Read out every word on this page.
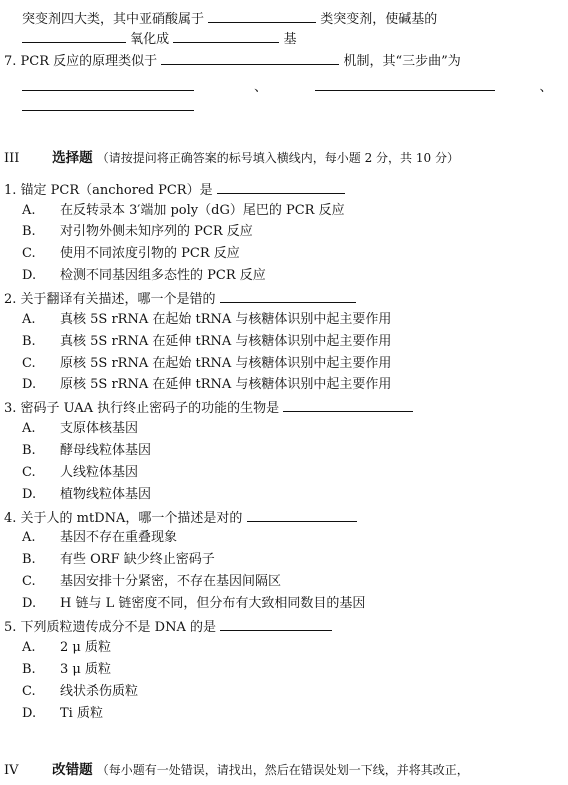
突变剂四大类，其中亚硝酸属于	类突变剂，使碱基的
氧化成	基
7. PCR 反应的原理类似于	机制，其“三步曲”为
、	、
III 选择题 （请按提问将正确答案的标号填入横线内，每小题 2 分，共 10 分）
1. 锚定 PCR（anchored PCR）是
A. 在反转录本 3′端加 poly（dG）尾巴的 PCR 反应
B. 对引物外侧未知序列的 PCR 反应
C. 使用不同浓度引物的 PCR 反应
D. 检测不同基因组多态性的 PCR 反应
2. 关于翻译有关描述，哪一个是错的
A. 真核 5S rRNA 在起始 tRNA 与核糖体识别中起主要作用
B. 真核 5S rRNA 在延伸 tRNA 与核糖体识别中起主要作用
C. 原核 5S rRNA 在起始 tRNA 与核糖体识别中起主要作用
D. 原核 5S rRNA 在延伸 tRNA 与核糖体识别中起主要作用
3. 密码子 UAA 执行终止密码子的功能的生物是
A. 支原体核基因
B. 酵母线粒体基因
C. 人线粒体基因
D. 植物线粒体基因
4. 关于人的 mtDNA，哪一个描述是对的
A. 基因不存在重叠现象
B. 有些 ORF 缺少终止密码子
C. 基因安排十分紧密，不存在基因间隔区
D. H 链与 L 链密度不同，但分布有大致相同数目的基因
5. 下列质粒遗传成分不是 DNA 的是
A. 2 μ 质粒
B. 3 μ 质粒
C. 线状杀伤质粒
D. Ti 质粒
IV 改错题 （每小题有一处错误，请找出，然后在错误处划一下线，并将其改正，
